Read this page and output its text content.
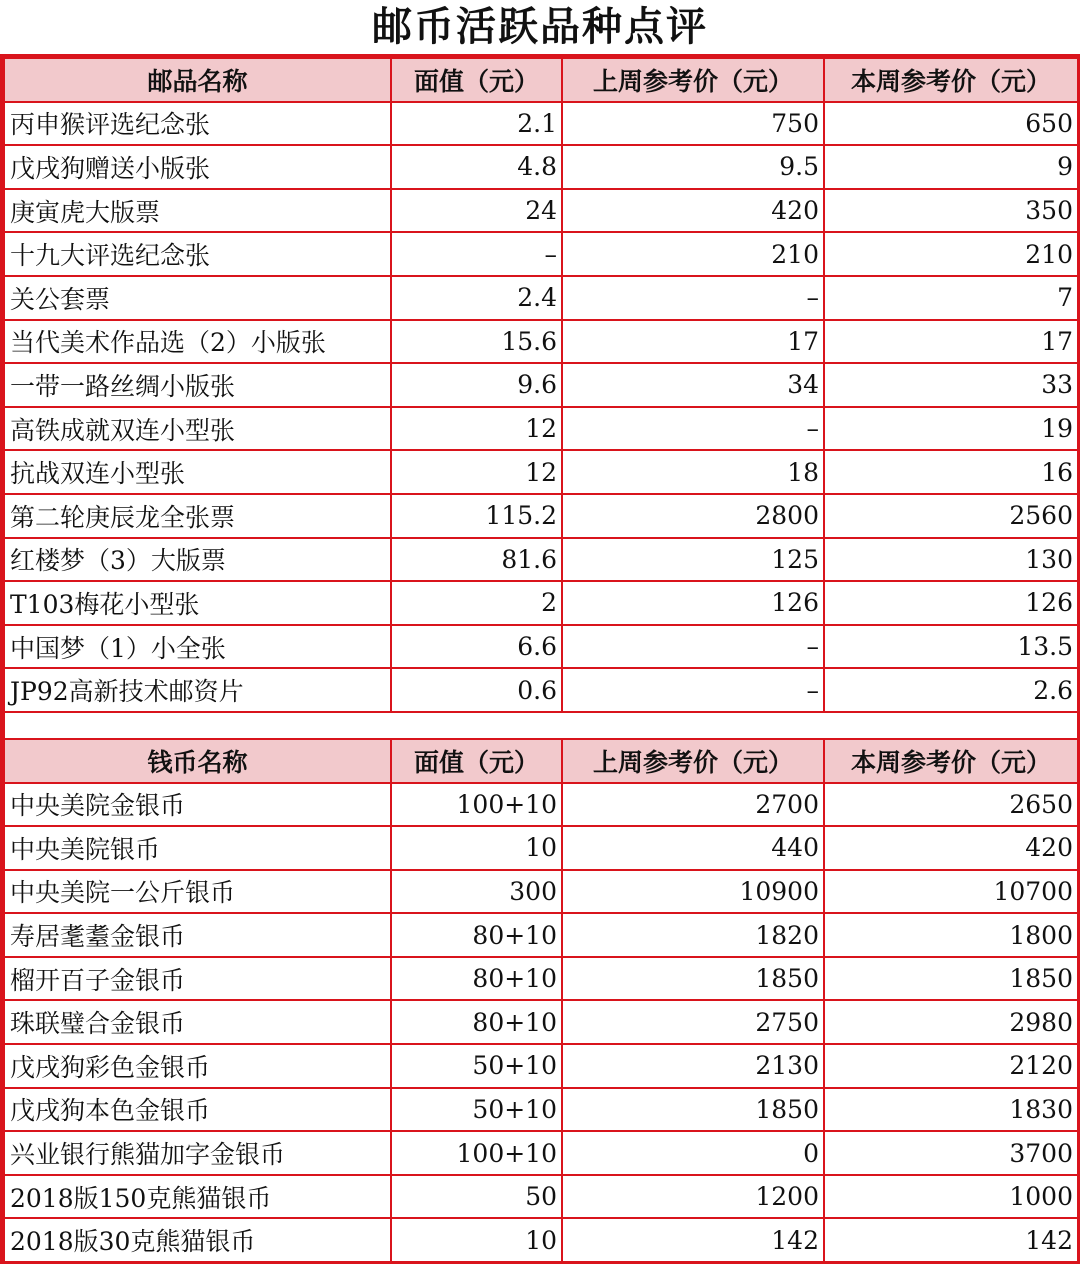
邮币活跃品种点评
邮品名称	面值（元）	上周参考价（元）	本周参考价（元）
丙申猴评选纪念张	2.1	750	650
戊戌狗赠送小版张	4.8	9.5	9
庚寅虎大版票	24	420	350
十九大评选纪念张	–	210	210
关公套票	2.4	–	7
当代美术作品选（2）小版张	15.6	17	17
一带一路丝绸小版张	9.6	34	33
高铁成就双连小型张	12	–	19
抗战双连小型张	12	18	16
第二轮庚辰龙全张票	115.2	2800	2560
红楼梦（3）大版票	81.6	125	130
T103梅花小型张	2	126	126
中国梦（1）小全张	6.6	–	13.5
JP92高新技术邮资片	0.6	–	2.6

钱币名称	面值（元）	上周参考价（元）	本周参考价（元）
中央美院金银币	100+10	2700	2650
中央美院银币	10	440	420
中央美院一公斤银币	300	10900	10700
寿居耄耋金银币	80+10	1820	1800
榴开百子金银币	80+10	1850	1850
珠联璧合金银币	80+10	2750	2980
戊戌狗彩色金银币	50+10	2130	2120
戊戌狗本色金银币	50+10	1850	1830
兴业银行熊猫加字金银币	100+10	0	3700
2018版150克熊猫银币	50	1200	1000
2018版30克熊猫银币	10	142	142
